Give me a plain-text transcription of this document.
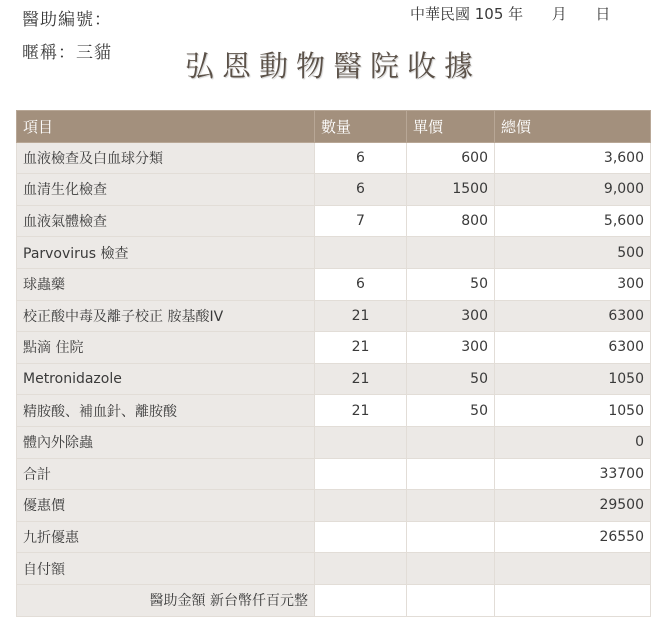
醫助編號：
暱稱：三貓
中華民國 105 年      月      日
弘恩動物醫院收據
項目	數量	單價	總價
血液檢查及白血球分類	6	600	3,600
血清生化檢查	6	1500	9,000
血液氣體檢查	7	800	5,600
Parvovirus 檢查			500
球蟲藥	6	50	300
校正酸中毒及離子校正 胺基酸IV	21	300	6300
點滴 住院	21	300	6300
Metronidazole	21	50	1050
精胺酸、補血針、離胺酸	21	50	1050
體內外除蟲			0
合計			33700
優惠價			29500
九折優惠			26550
自付額			
醫助金額 新台幣仟百元整			
